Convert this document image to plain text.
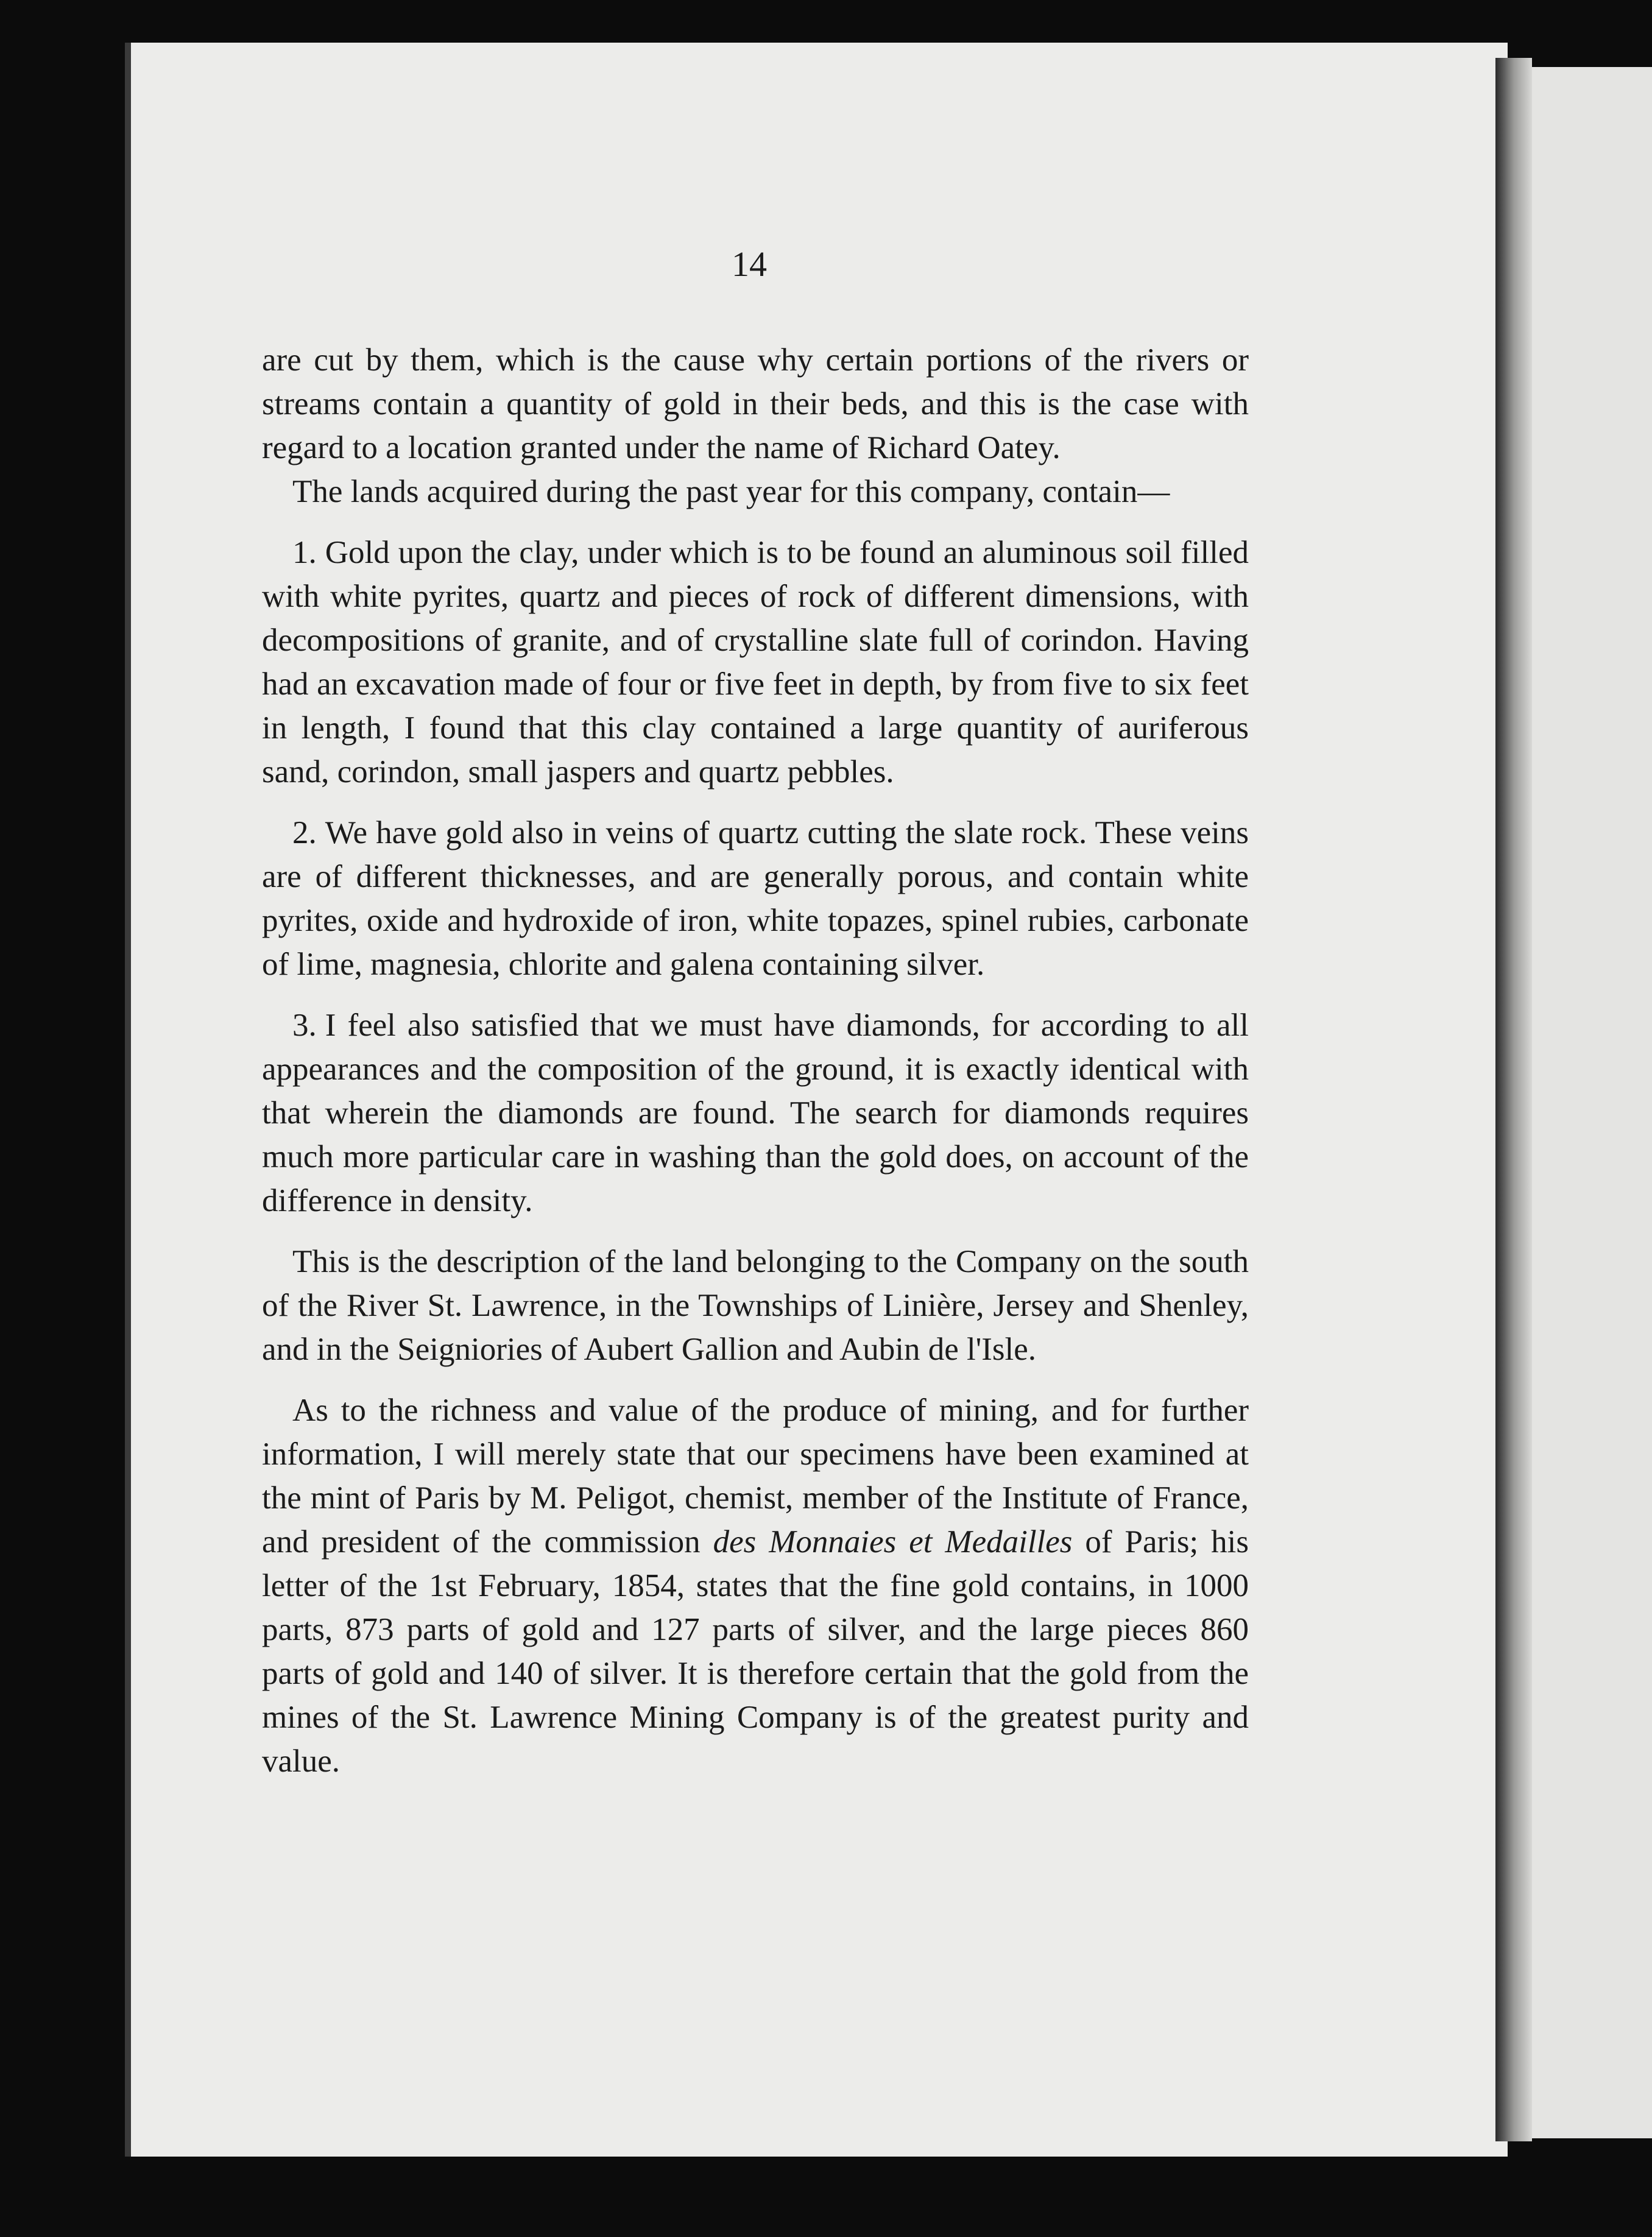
14

are cut by them, which is the cause why certain portions of the rivers or streams contain a quantity of gold in their beds, and this is the case with regard to a location granted under the name of Richard Oatey.

The lands acquired during the past year for this company, contain—

1. Gold upon the clay, under which is to be found an aluminous soil filled with white pyrites, quartz and pieces of rock of different dimensions, with decompositions of granite, and of crystalline slate full of corindon. Having had an excavation made of four or five feet in depth, by from five to six feet in length, I found that this clay contained a large quantity of auriferous sand, corindon, small jaspers and quartz pebbles.

2. We have gold also in veins of quartz cutting the slate rock. These veins are of different thicknesses, and are generally porous, and contain white pyrites, oxide and hydroxide of iron, white topazes, spinel rubies, carbonate of lime, magnesia, chlorite and galena containing silver.

3. I feel also satisfied that we must have diamonds, for according to all appearances and the composition of the ground, it is exactly identical with that wherein the diamonds are found. The search for diamonds requires much more particular care in washing than the gold does, on account of the difference in density.

This is the description of the land belonging to the Company on the south of the River St. Lawrence, in the Townships of Linière, Jersey and Shenley, and in the Seigniories of Aubert Gallion and Aubin de l'Isle.

As to the richness and value of the produce of mining, and for further information, I will merely state that our specimens have been examined at the mint of Paris by M. Peligot, chemist, member of the Institute of France, and president of the commission des Monnaies et Medailles of Paris; his letter of the 1st February, 1854, states that the fine gold contains, in 1000 parts, 873 parts of gold and 127 parts of silver, and the large pieces 860 parts of gold and 140 of silver. It is therefore certain that the gold from the mines of the St. Lawrence Mining Company is of the greatest purity and value.
